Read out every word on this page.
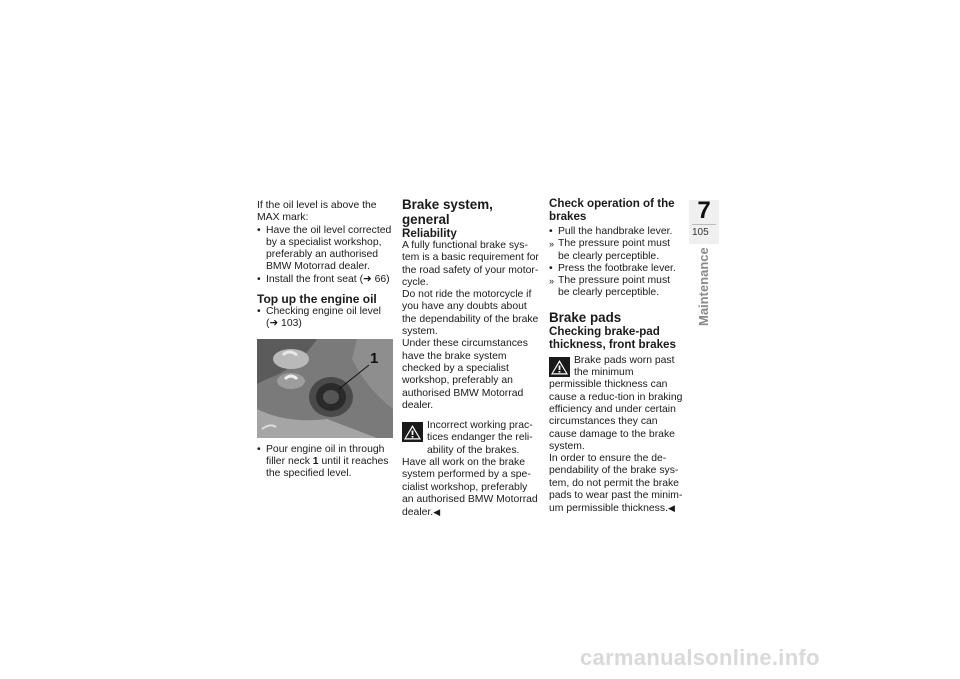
If the oil level is above the MAX mark:

• Have the oil level corrected by a specialist workshop, preferably an authorised BMW Motorrad dealer.

• Install the front seat (➜ 66)

Top up the engine oil

• Checking engine oil level (➜ 103)

1

• Pour engine oil in through filler neck 1 until it reaches the specified level.

Brake system, general

Reliability

A fully functional brake sys-tem is a basic requirement for the road safety of your motor-cycle.

Do not ride the motorcycle if you have any doubts about the dependability of the brake system.

Under these circumstances have the brake system checked by a specialist workshop, preferably an authorised BMW Motorrad dealer.

Incorrect working prac-tices endanger the reli-ability of the brakes.

Have all work on the brake system performed by a spe-cialist workshop, preferably an authorised BMW Motorrad dealer.◀

Check operation of the brakes

• Pull the handbrake lever.

» The pressure point must be clearly perceptible.

• Press the footbrake lever.

» The pressure point must be clearly perceptible.

Brake pads

Checking brake-pad thickness, front brakes

Brake pads worn past the minimum permissible thickness can cause a reduc-tion in braking efficiency and under certain circumstances they can cause damage to the brake system.

In order to ensure the de-pendability of the brake sys-tem, do not permit the brake pads to wear past the minim-um permissible thickness.◀

7
105
Maintenance
carmanualsonline.info
